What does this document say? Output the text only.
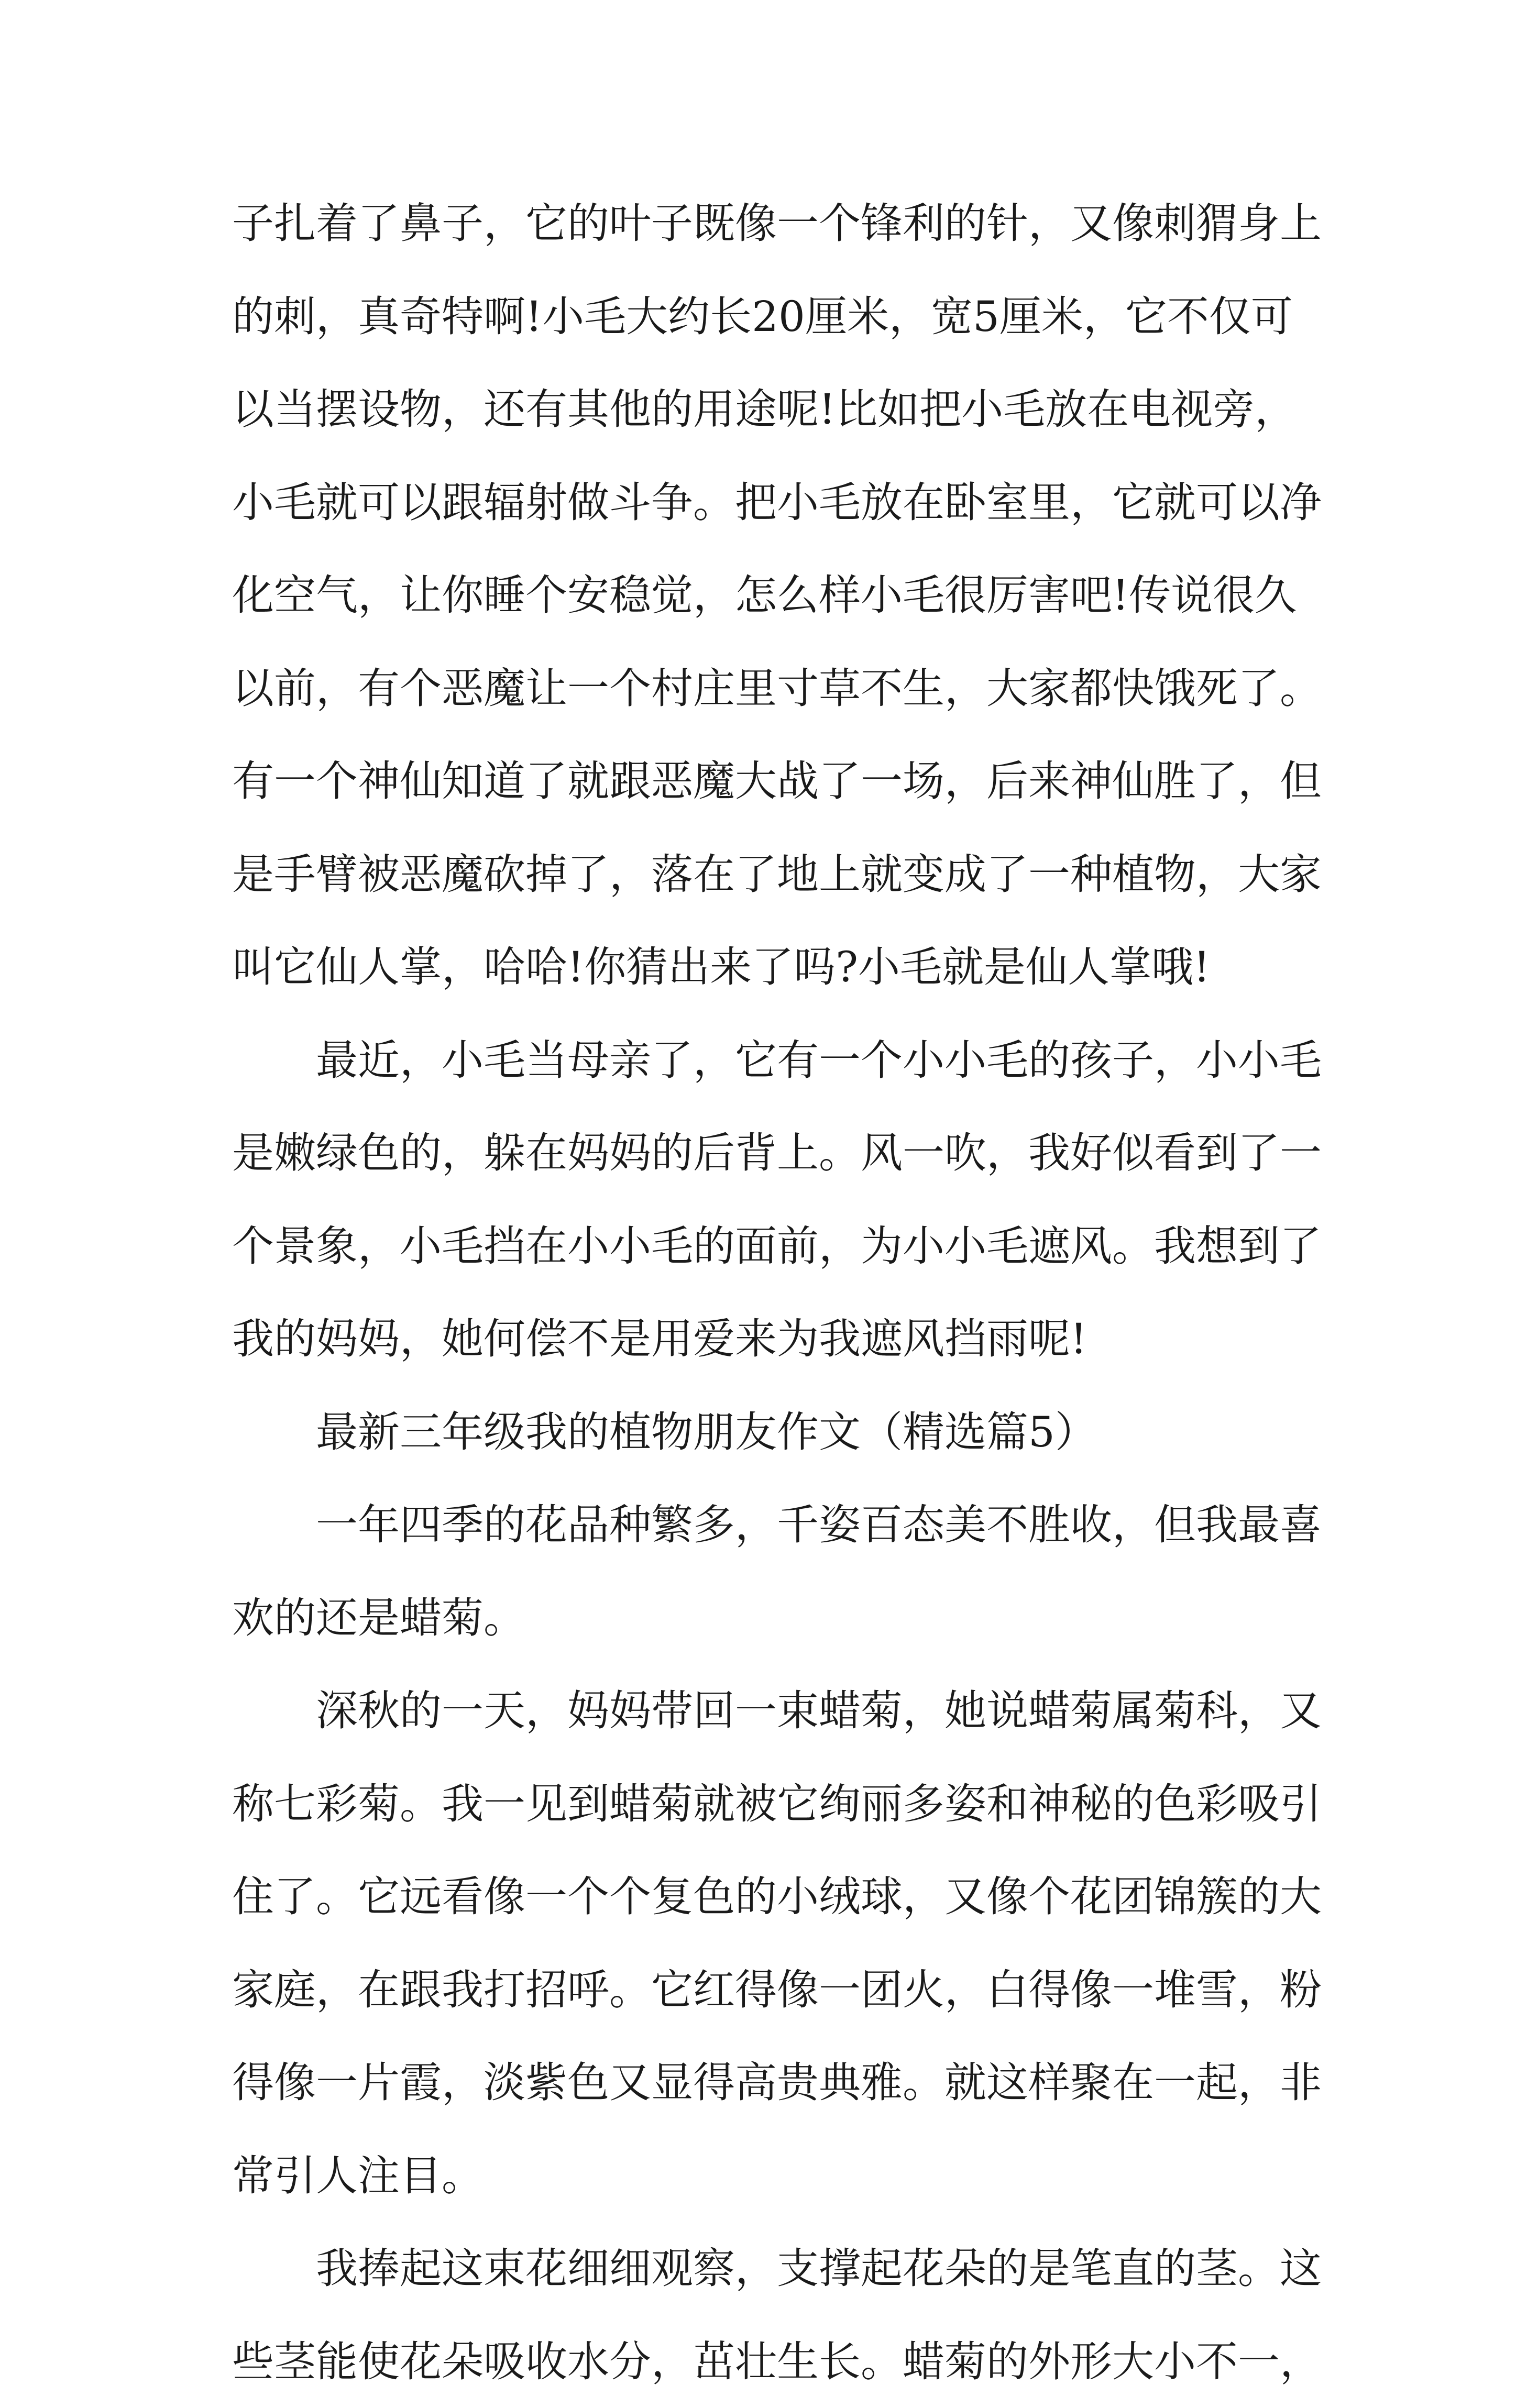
子扎着了鼻子，它的叶子既像一个锋利的针，又像刺猬身上
的刺，真奇特啊!小毛大约长20厘米，宽5厘米，它不仅可
以当摆设物，还有其他的用途呢!比如把小毛放在电视旁，
小毛就可以跟辐射做斗争。把小毛放在卧室里，它就可以净
化空气，让你睡个安稳觉，怎么样小毛很厉害吧!传说很久
以前，有个恶魔让一个村庄里寸草不生，大家都快饿死了。
有一个神仙知道了就跟恶魔大战了一场，后来神仙胜了，但
是手臂被恶魔砍掉了，落在了地上就变成了一种植物，大家
叫它仙人掌，哈哈!你猜出来了吗?小毛就是仙人掌哦!
最近，小毛当母亲了，它有一个小小毛的孩子，小小毛
是嫩绿色的，躲在妈妈的后背上。风一吹，我好似看到了一
个景象，小毛挡在小小毛的面前，为小小毛遮风。我想到了
我的妈妈，她何偿不是用爱来为我遮风挡雨呢!
最新三年级我的植物朋友作文（精选篇5）
一年四季的花品种繁多，千姿百态美不胜收，但我最喜
欢的还是蜡菊。
深秋的一天，妈妈带回一束蜡菊，她说蜡菊属菊科，又
称七彩菊。我一见到蜡菊就被它绚丽多姿和神秘的色彩吸引
住了。它远看像一个个复色的小绒球，又像个花团锦簇的大
家庭，在跟我打招呼。它红得像一团火，白得像一堆雪，粉
得像一片霞，淡紫色又显得高贵典雅。就这样聚在一起，非
常引人注目。
我捧起这束花细细观察，支撑起花朵的是笔直的茎。这
些茎能使花朵吸收水分，茁壮生长。蜡菊的外形大小不一，
